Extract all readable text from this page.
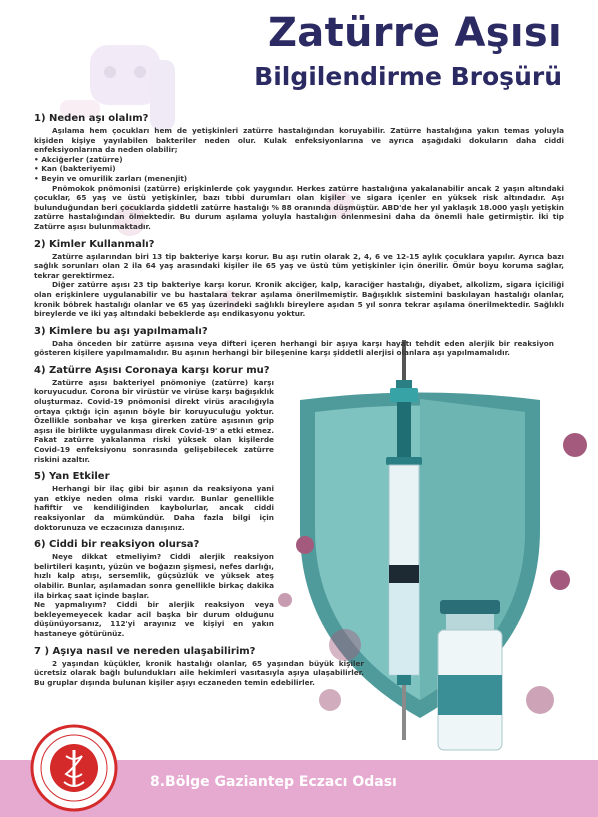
Zatürre Aşısı
Bilgilendirme Broşürü
1) Neden aşı olalım?

Aşılama hem çocukları hem de yetişkinleri zatürre hastalığından koruyabilir. Zatürre hastalığına yakın temas yoluyla kişiden kişiye yayılabilen bakteriler neden olur. Kulak enfeksiyonlarına ve ayrıca aşağıdaki dokuların daha ciddi enfeksiyonlarına da neden olabilir;

• Akciğerler (zatürre)
• Kan (bakteriyemi)
• Beyin ve omurilik zarları (menenjit)

Pnömokok pnömonisi (zatürre) erişkinlerde çok yaygındır. Herkes zatürre hastalığına yakalanabilir ancak 2 yaşın altındaki çocuklar, 65 yaş ve üstü yetişkinler, bazı tıbbi durumları olan kişiler ve sigara içenler en yüksek risk altındadır. Aşı bulunduğundan beri çocuklarda şiddetli zatürre hastalığı % 88 oranında düşmüştür. ABD'de her yıl yaklaşık 18.000 yaşlı yetişkin zatürre hastalığından ölmektedir. Bu durum aşılama yoluyla hastalığın önlenmesini daha da önemli hale getirmiştir. İki tip Zatürre aşısı bulunmaktadır.

2) Kimler Kullanmalı?

Zatürre aşılarından biri 13 tip bakteriye karşı korur. Bu aşı rutin olarak 2, 4, 6 ve 12-15 aylık çocuklara yapılır. Ayrıca bazı sağlık sorunları olan 2 ila 64 yaş arasındaki kişiler ile 65 yaş ve üstü tüm yetişkinler için önerilir. Ömür boyu koruma sağlar, tekrar gerektirmez.

Diğer zatürre aşısı 23 tip bakteriye karşı korur. Kronik akciğer, kalp, karaciğer hastalığı, diyabet, alkolizm, sigara içiciliği olan erişkinlere uygulanabilir ve bu hastalara tekrar aşılama önerilmemiştir. Bağışıklık sistemini baskılayan hastalığı olanlar, kronik böbrek hastalığı olanlar ve 65 yaş üzerindeki sağlıklı bireylere aşıdan 5 yıl sonra tekrar aşılama önerilmektedir. Sağlıklı bireylerde ve iki yaş altındaki bebeklerde aşı endikasyonu yoktur.

3) Kimlere bu aşı yapılmamalı?

Daha önceden bir zatürre aşısına veya difteri içeren herhangi bir aşıya karşı hayatı tehdit eden alerjik bir reaksiyon gösteren kişilere yapılmamalıdır. Bu aşının herhangi bir bileşenine karşı şiddetli alerjisi olanlara aşı yapılmamalıdır.

4) Zatürre Aşısı Coronaya karşı korur mu?

Zatürre aşısı bakteriyel pnömoniye (zatürre) karşı koruyucudur. Corona bir virüstür ve virüse karşı bağışıklık oluşturmaz. Covid-19 pnömonisi direkt virüs aracılığıyla ortaya çıktığı için aşının böyle bir koruyuculuğu yoktur. Özellikle sonbahar ve kışa girerken zatüre aşısının grip aşısı ile birlikte uygulanması direk Covid-19' a etki etmez. Fakat zatürre yakalanma riski yüksek olan kişilerde Covid-19 enfeksiyonu sonrasında gelişebilecek zatürre riskini azaltır.

5) Yan Etkiler

Herhangi bir ilaç gibi bir aşının da reaksiyona yani yan etkiye neden olma riski vardır. Bunlar genellikle hafiftir ve kendiliğinden kaybolurlar, ancak ciddi reaksiyonlar da mümkündür. Daha fazla bilgi için doktorunuza ve eczacınıza danışınız.

6) Ciddi bir reaksiyon olursa?

Neye dikkat etmeliyim? Ciddi alerjik reaksiyon belirtileri kaşıntı, yüzün ve boğazın şişmesi, nefes darlığı, hızlı kalp atışı, sersemlik, güçsüzlük ve yüksek ateş olabilir. Bunlar, aşılamadan sonra genellikle birkaç dakika ila birkaç saat içinde başlar.

Ne yapmalıyım? Ciddi bir alerjik reaksiyon veya bekleyemeyecek kadar acil başka bir durum olduğunu düşünüyorsanız, 112'yi arayınız ve kişiyi en yakın hastaneye götürünüz.

7 ) Aşıya nasıl ve nereden ulaşabilirim?

2 yaşından küçükler, kronik hastalığı olanlar, 65 yaşından büyük kişiler ücretsiz olarak bağlı bulundukları aile hekimleri vasıtasıyla aşıya ulaşabilirler. Bu gruplar dışında bulunan kişiler aşıyı eczaneden temin edebilirler.

8.Bölge Gaziantep Eczacı Odası
